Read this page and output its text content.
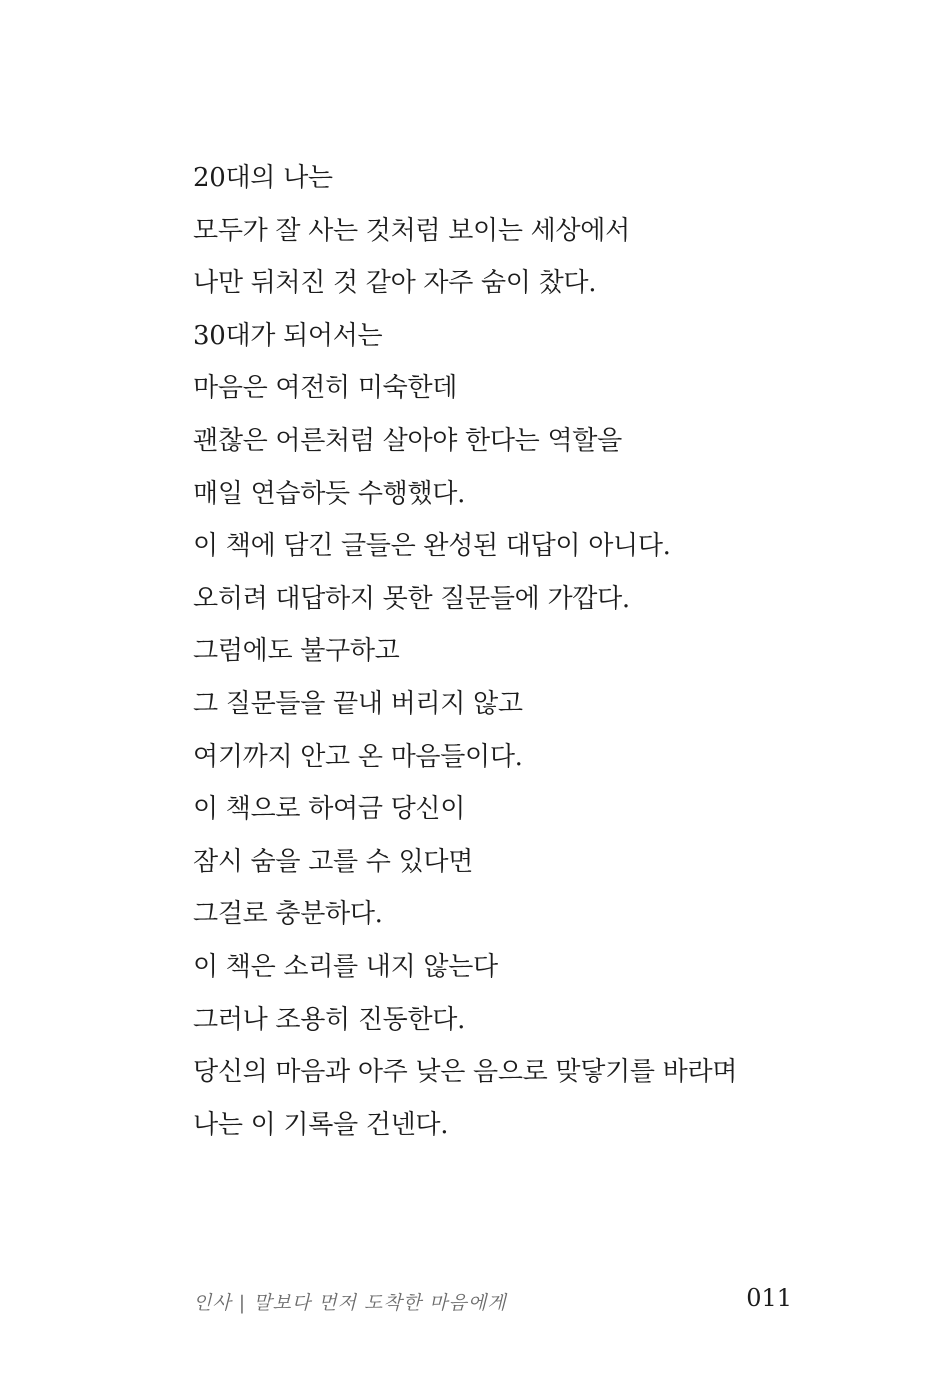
20대의 나는
모두가 잘 사는 것처럼 보이는 세상에서
나만 뒤처진 것 같아 자주 숨이 찼다.
30대가 되어서는
마음은 여전히 미숙한데
괜찮은 어른처럼 살아야 한다는 역할을
매일 연습하듯 수행했다.
이 책에 담긴 글들은 완성된 대답이 아니다.
오히려 대답하지 못한 질문들에 가깝다.
그럼에도 불구하고
그 질문들을 끝내 버리지 않고
여기까지 안고 온 마음들이다.
이 책으로 하여금 당신이
잠시 숨을 고를 수 있다면
그걸로 충분하다.
이 책은 소리를 내지 않는다
그러나 조용히 진동한다.
당신의 마음과 아주 낮은 음으로 맞닿기를 바라며
나는 이 기록을 건넨다.
인사 | 말보다 먼저 도착한 마음에게	011
